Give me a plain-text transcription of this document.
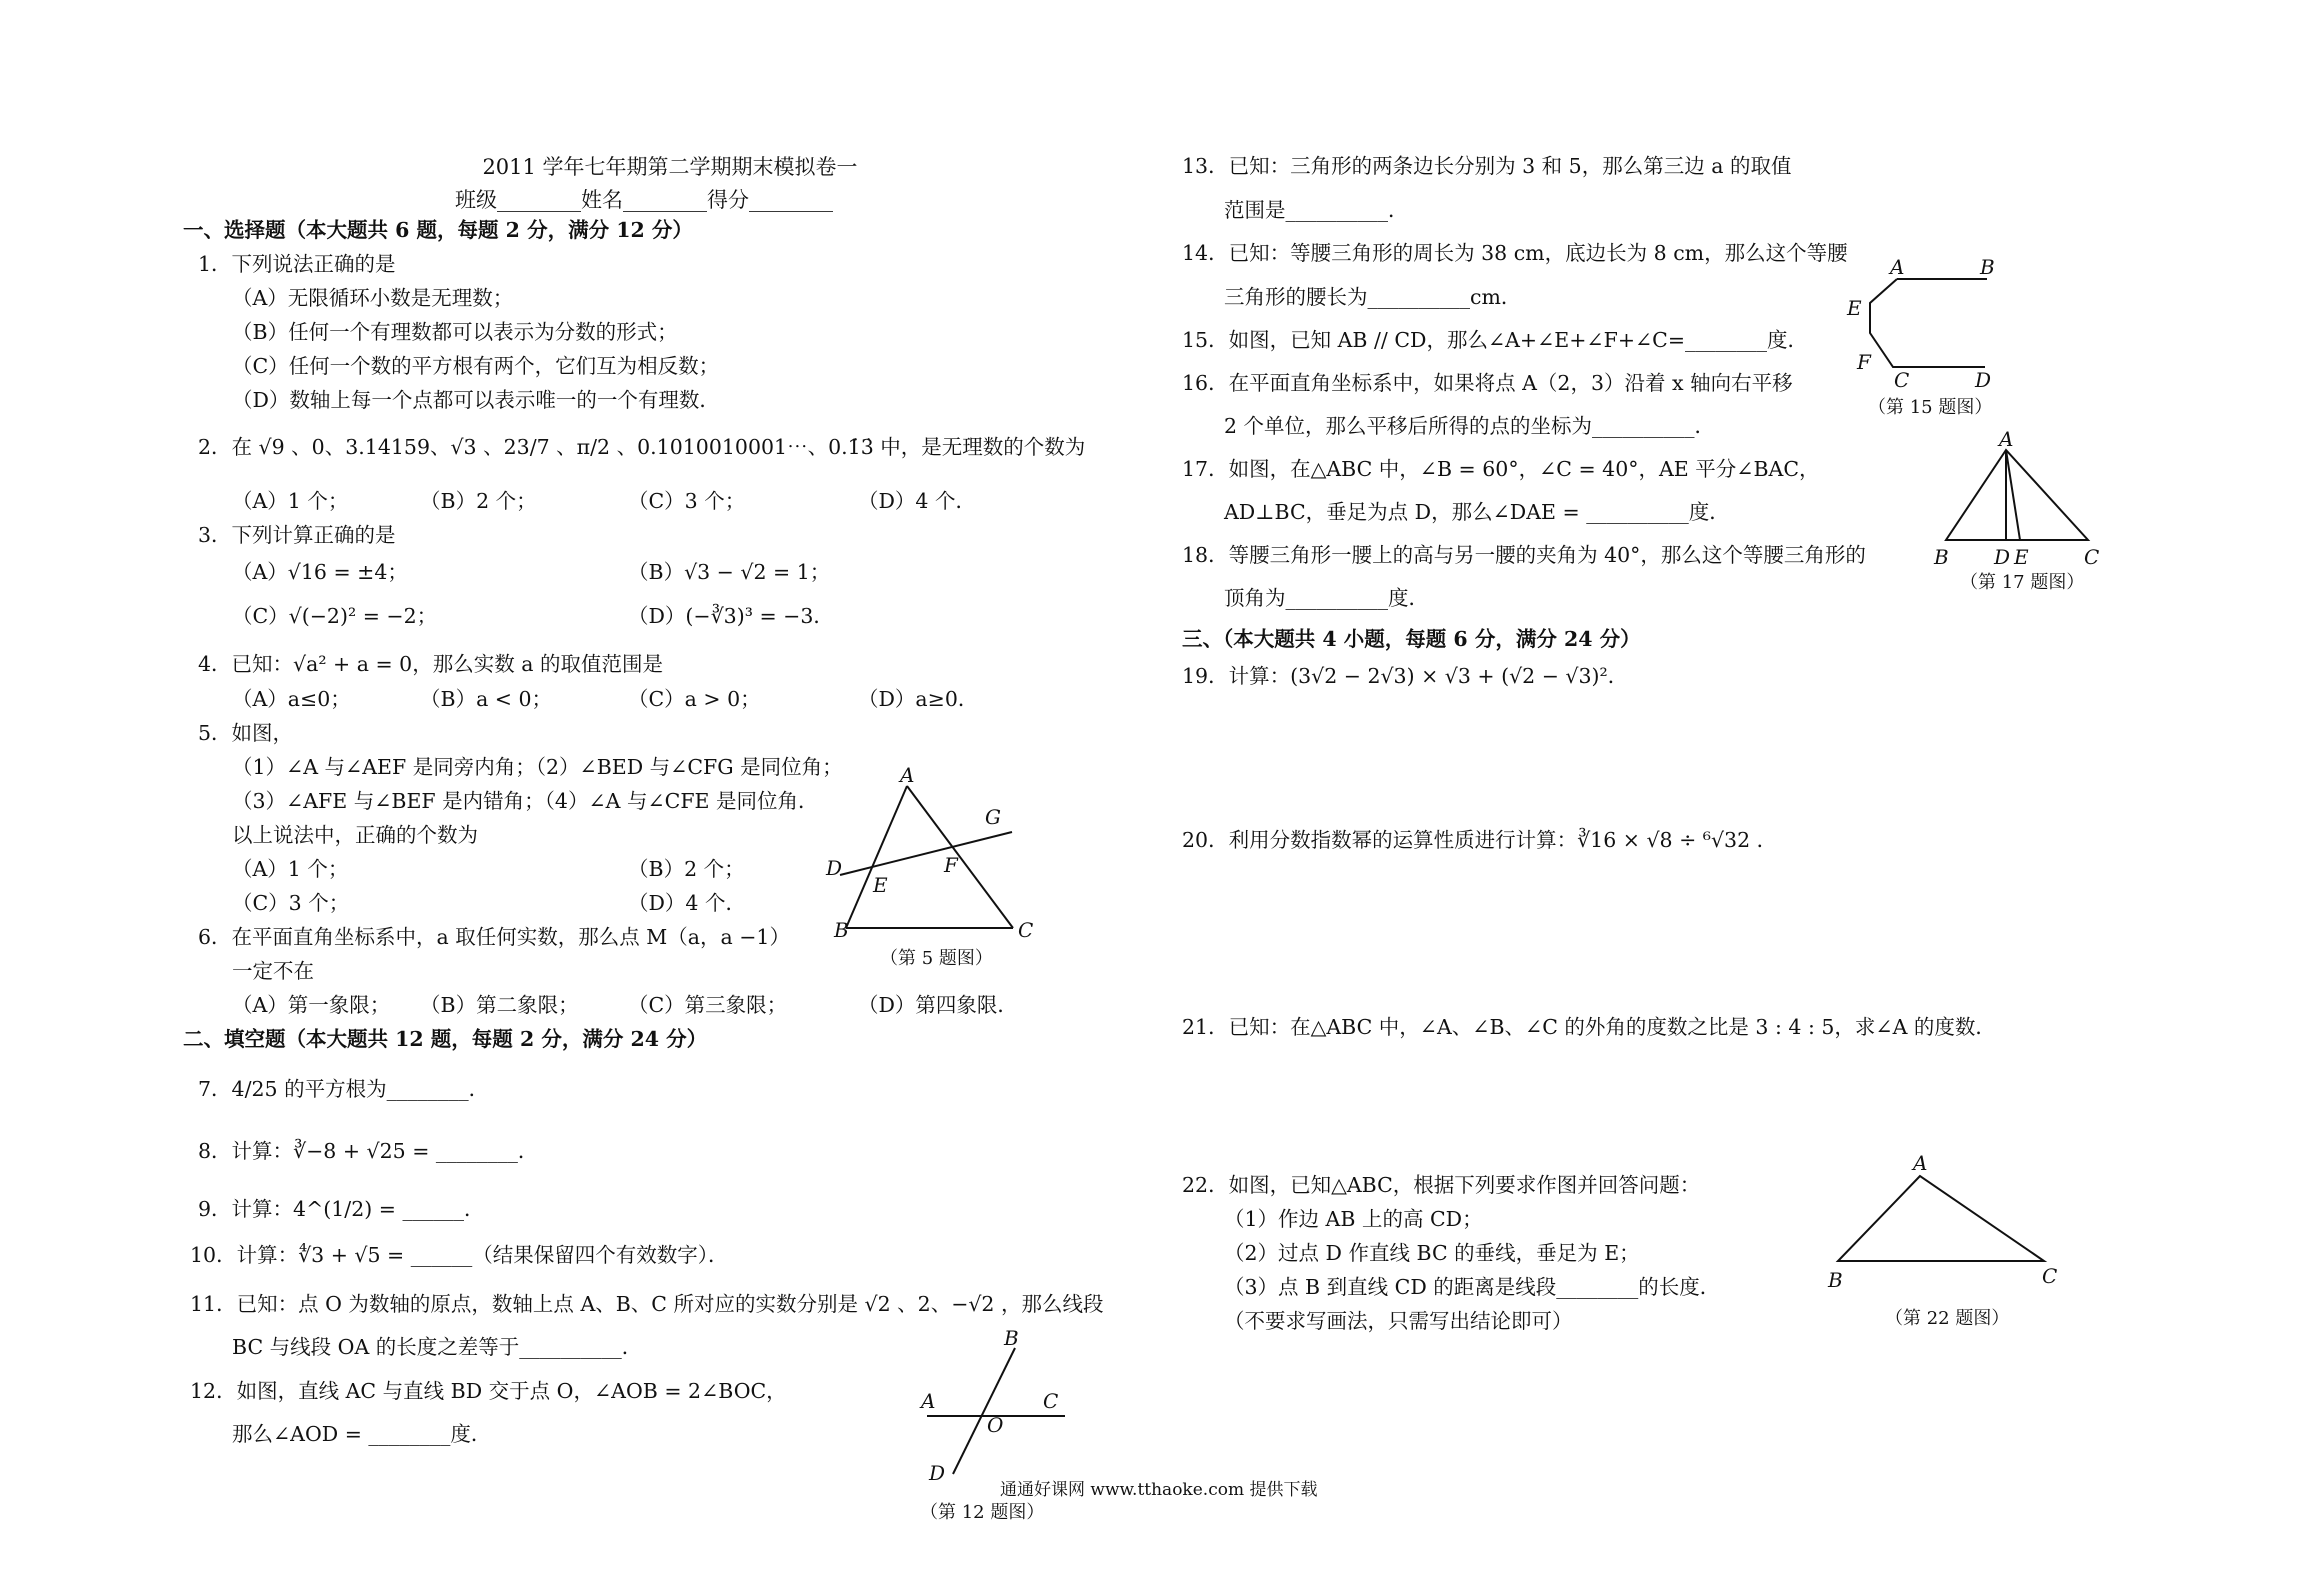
2011 学年七年期第二学期期末模拟卷一
班级________姓名________得分________
一、选择题（本大题共 6 题，每题 2 分，满分 12 分）
1．下列说法正确的是
（A）无限循环小数是无理数；
（B）任何一个有理数都可以表示为分数的形式；
（C）任何一个数的平方根有两个，它们互为相反数；
（D）数轴上每一个点都可以表示唯一的一个有理数．
2．在 √9 、0、3.14159、√3 、23/7 、π/2 、0.1010010001⋯、0.1̇3̇ 中，是无理数的个数为
（A）1 个；	（B）2 个；	（C）3 个；	（D）4 个．
3．下列计算正确的是
（A）√16 = ±4；	（B）√3 − √2 = 1；
（C）√(−2)² = −2；	（D）(−∛3)³ = −3．
4．已知：√a² + a = 0，那么实数 a 的取值范围是
（A）a≤0；	（B）a < 0；	（C）a > 0；	（D）a≥0．
5．如图，
（1）∠A 与∠AEF 是同旁内角；（2）∠BED 与∠CFG 是同位角；
（3）∠AFE 与∠BEF 是内错角；（4）∠A 与∠CFE 是同位角．
以上说法中，正确的个数为
（A）1 个；	（B）2 个；
（C）3 个；	（D）4 个．
6．在平面直角坐标系中，a 取任何实数，那么点 M（a，a −1）
一定不在
（A）第一象限； （B）第二象限； （C）第三象限；	（D）第四象限．
二、填空题（本大题共 12 题，每题 2 分，满分 24 分）
7．4/25 的平方根为________．
8．计算：∛−8 + √25 = ________．
9．计算：4^(1/2) = ______．
10．计算：∜3 + √5 = ______（结果保留四个有效数字）．
11．已知：点 O 为数轴的原点，数轴上点 A、B、C 所对应的实数分别是 √2 、2、−√2 ，那么线段
BC 与线段 OA 的长度之差等于__________．
12．如图，直线 AC 与直线 BD 交于点 O，∠AOB = 2∠BOC，
那么∠AOD = ________度．
A
G
D
E
F
B	C
（第 5 题图）
B
A	C
O
D
（第 12 题图）
13．已知：三角形的两条边长分别为 3 和 5，那么第三边 a 的取值
范围是__________．
14．已知：等腰三角形的周长为 38 cm，底边长为 8 cm，那么这个等腰
三角形的腰长为__________cm．
15．如图，已知 AB // CD，那么∠A+∠E+∠F+∠C=________度．
16．在平面直角坐标系中，如果将点 A（2，3）沿着 x 轴向右平移
2 个单位，那么平移后所得的点的坐标为__________．
17．如图，在△ABC 中，∠B = 60°，∠C = 40°，AE 平分∠BAC，
AD⊥BC，垂足为点 D，那么∠DAE = __________度．
18．等腰三角形一腰上的高与另一腰的夹角为 40°，那么这个等腰三角形的
顶角为__________度．
三、（本大题共 4 小题，每题 6 分，满分 24 分）
19．计算：(3√2 − 2√3) × √3 + (√2 − √3)²．
20．利用分数指数幂的运算性质进行计算：∛16 × √8 ÷ ⁶√32 ．
21．已知：在△ABC 中，∠A、∠B、∠C 的外角的度数之比是 3 : 4 : 5，求∠A 的度数．
22．如图，已知△ABC，根据下列要求作图并回答问题：
（1）作边 AB 上的高 CD；
（2）过点 D 作直线 BC 的垂线，垂足为 E；
（3）点 B 到直线 CD 的距离是线段________的长度．
（不要求写画法，只需写出结论即可）
A	B
E
F
C	D
（第 15 题图）
A
B D E	C
（第 17 题图）
A
B	C
（第 22 题图）
通通好课网 www.tthaoke.com 提供下载
